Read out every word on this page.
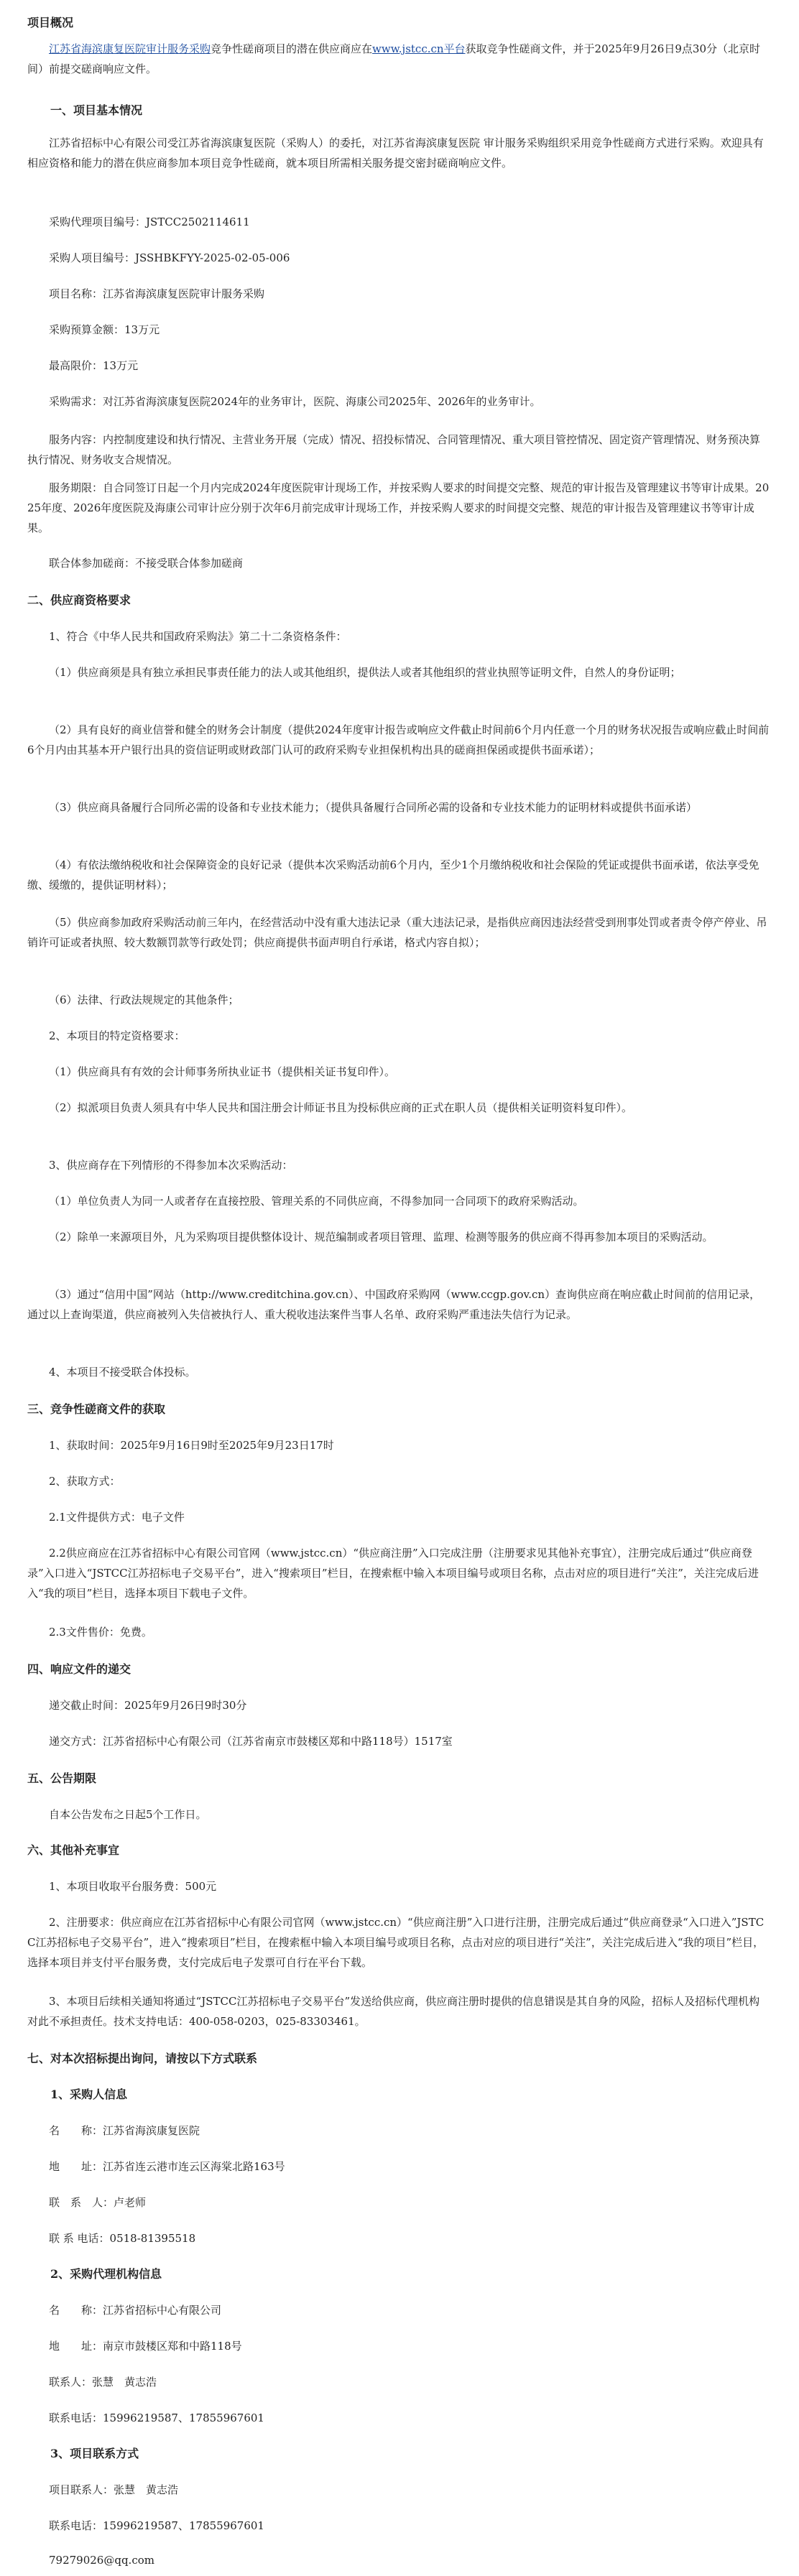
项目概况
江苏省海滨康复医院审计服务采购竞争性磋商项目的潜在供应商应在www.jstcc.cn平台获取竞争性磋商文件，并于2025年9月26日9点30分（北京时间）前提交磋商响应文件。
一、项目基本情况
江苏省招标中心有限公司受江苏省海滨康复医院（采购人）的委托，对江苏省海滨康复医院 审计服务采购组织采用竞争性磋商方式进行采购。欢迎具有相应资格和能力的潜在供应商参加本项目竞争性磋商，就本项目所需相关服务提交密封磋商响应文件。
采购代理项目编号：JSTCC2502114611
采购人项目编号：JSSHBKFYY-2025-02-05-006
项目名称：江苏省海滨康复医院审计服务采购
采购预算金额：13万元
最高限价：13万元
采购需求：对江苏省海滨康复医院2024年的业务审计，医院、海康公司2025年、2026年的业务审计。
服务内容：内控制度建设和执行情况、主营业务开展（完成）情况、招投标情况、合同管理情况、重大项目管控情况、固定资产管理情况、财务预决算执行情况、财务收支合规情况。
服务期限：自合同签订日起一个月内完成2024年度医院审计现场工作，并按采购人要求的时间提交完整、规范的审计报告及管理建议书等审计成果。2025年度、2026年度医院及海康公司审计应分别于次年6月前完成审计现场工作，并按采购人要求的时间提交完整、规范的审计报告及管理建议书等审计成果。
联合体参加磋商：不接受联合体参加磋商
二、供应商资格要求
1、符合《中华人民共和国政府采购法》第二十二条资格条件：
（1）供应商须是具有独立承担民事责任能力的法人或其他组织，提供法人或者其他组织的营业执照等证明文件，自然人的身份证明；
（2）具有良好的商业信誉和健全的财务会计制度（提供2024年度审计报告或响应文件截止时间前6个月内任意一个月的财务状况报告或响应截止时间前6个月内由其基本开户银行出具的资信证明或财政部门认可的政府采购专业担保机构出具的磋商担保函或提供书面承诺）；
（3）供应商具备履行合同所必需的设备和专业技术能力；（提供具备履行合同所必需的设备和专业技术能力的证明材料或提供书面承诺）
（4）有依法缴纳税收和社会保障资金的良好记录（提供本次采购活动前6个月内，至少1个月缴纳税收和社会保险的凭证或提供书面承诺，依法享受免缴、缓缴的，提供证明材料）；
（5）供应商参加政府采购活动前三年内，在经营活动中没有重大违法记录（重大违法记录，是指供应商因违法经营受到刑事处罚或者责令停产停业、吊销许可证或者执照、较大数额罚款等行政处罚；供应商提供书面声明自行承诺，格式内容自拟）；
（6）法律、行政法规规定的其他条件；
2、本项目的特定资格要求：
（1）供应商具有有效的会计师事务所执业证书（提供相关证书复印件）。
（2）拟派项目负责人须具有中华人民共和国注册会计师证书且为投标供应商的正式在职人员（提供相关证明资料复印件）。
3、供应商存在下列情形的不得参加本次采购活动：
（1）单位负责人为同一人或者存在直接控股、管理关系的不同供应商，不得参加同一合同项下的政府采购活动。
（2）除单一来源项目外，凡为采购项目提供整体设计、规范编制或者项目管理、监理、检测等服务的供应商不得再参加本项目的采购活动。
（3）通过“信用中国”网站（http://www.creditchina.gov.cn）、中国政府采购网（www.ccgp.gov.cn）查询供应商在响应截止时间前的信用记录，通过以上查询渠道，供应商被列入失信被执行人、重大税收违法案件当事人名单、政府采购严重违法失信行为记录。
4、本项目不接受联合体投标。
三、竞争性磋商文件的获取
1、获取时间：2025年9月16日9时至2025年9月23日17时
2、获取方式：
2.1文件提供方式：电子文件
2.2供应商应在江苏省招标中心有限公司官网（www.jstcc.cn）“供应商注册”入口完成注册（注册要求见其他补充事宜），注册完成后通过“供应商登录”入口进入“JSTCC江苏招标电子交易平台”，进入“搜索项目”栏目，在搜索框中输入本项目编号或项目名称，点击对应的项目进行“关注”，关注完成后进入“我的项目”栏目，选择本项目下载电子文件。
2.3文件售价：免费。
四、响应文件的递交
递交截止时间：2025年9月26日9时30分
递交方式：江苏省招标中心有限公司（江苏省南京市鼓楼区郑和中路118号）1517室
五、公告期限
自本公告发布之日起5个工作日。
六、其他补充事宜
1、本项目收取平台服务费：500元
2、注册要求：供应商应在江苏省招标中心有限公司官网（www.jstcc.cn）“供应商注册”入口进行注册，注册完成后通过“供应商登录“入口进入”JSTCC江苏招标电子交易平台”，进入“搜索项目”栏目，在搜索框中输入本项目编号或项目名称，点击对应的项目进行“关注”，关注完成后进入“我的项目”栏目，选择本项目并支付平台服务费，支付完成后电子发票可自行在平台下载。
3、本项目后续相关通知将通过“JSTCC江苏招标电子交易平台”发送给供应商，供应商注册时提供的信息错误是其自身的风险，招标人及招标代理机构对此不承担责任。技术支持电话：400-058-0203，025-83303461。
七、对本次招标提出询问，请按以下方式联系
1、采购人信息
名　　称：江苏省海滨康复医院
地　　址：江苏省连云港市连云区海棠北路163号
联　系　人：卢老师
联 系 电话：0518-81395518
2、采购代理机构信息
名　　称：江苏省招标中心有限公司
地　　址：南京市鼓楼区郑和中路118号
联系人：张慧　黄志浩
联系电话：15996219587、17855967601
3、项目联系方式
项目联系人：张慧　黄志浩
联系电话：15996219587、17855967601
79279026@qq.com
